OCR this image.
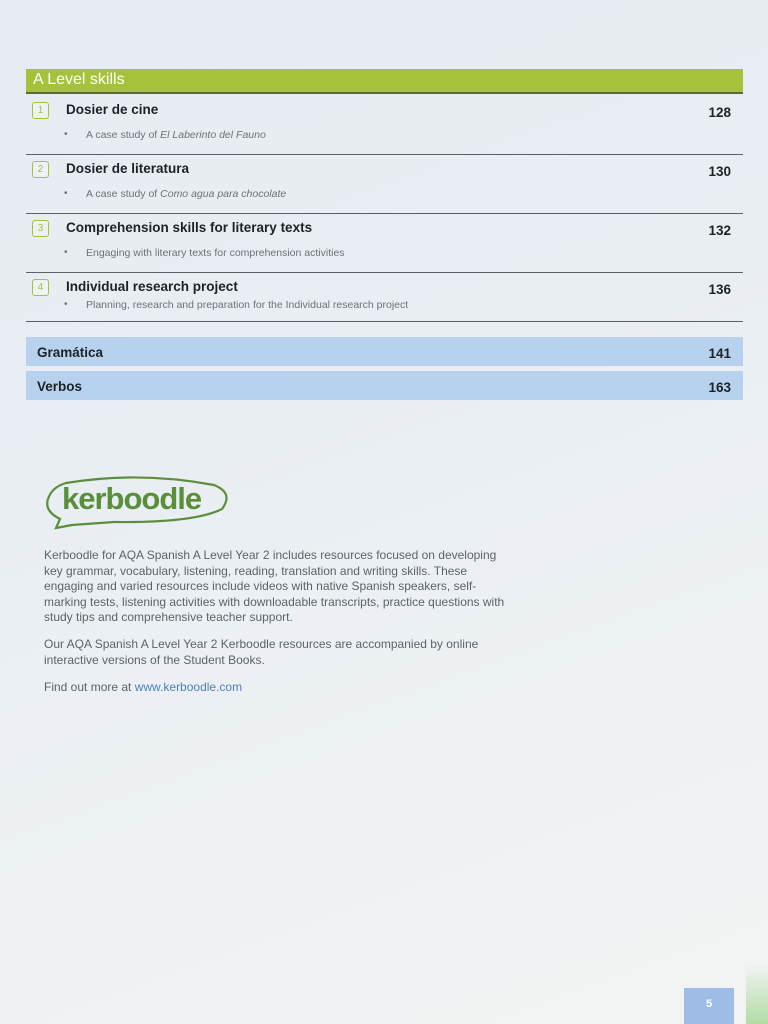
A Level skills
1	Dosier de cine	128
• A case study of El Laberinto del Fauno
2	Dosier de literatura	130
• A case study of Como agua para chocolate
3	Comprehension skills for literary texts	132
• Engaging with literary texts for comprehension activities
4	Individual research project	136
• Planning, research and preparation for the Individual research project
Gramática	141
Verbos	163
kerboodle
Kerboodle for AQA Spanish A Level Year 2 includes resources focused on developing key grammar, vocabulary, listening, reading, translation and writing skills. These engaging and varied resources include videos with native Spanish speakers, self-marking tests, listening activities with downloadable transcripts, practice questions with study tips and comprehensive teacher support.
Our AQA Spanish A Level Year 2 Kerboodle resources are accompanied by online interactive versions of the Student Books.
Find out more at www.kerboodle.com
5
